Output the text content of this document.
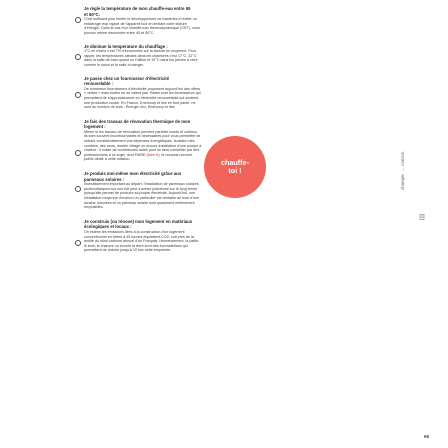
Je règle la température de mon chauffe-eau entre 55 et 60°C.
C'est suffisant pour limiter le développement de bactéries et éviter un entartrage trop rapide de l'appareil tout en limitant votre facture d'énergie. Dans le cas d'un chauffe-eau thermodynamique (CET), vous pouvez même descendre entre 45 et 50°C.
Je diminue la température du chauffage :
1°C en moins c'est 7% d'économies sur la facture en moyenne. Pour rappel, les températures idéales dans les chambres c'est 17°C, 22°C dans la salle de bain quand on l'utilise et 19°C dans les pièces à vivre comme le salon et la salle à manger.
Je passe chez un fournisseur d'électricité renouvelable :
De nombreux fournisseurs d'électricité proposent aujourd'hui des offres « vertes » mais toutes ne se valent pas. Rares sont les fournisseurs qui permettent de s'approvisionner en électricité renouvelable qui soutient une production locale. En France, Enercoop et Ilek en font partie, ne sont au nombre de trois : Énergie d'ici, Enercoop et Ilek.
Je fais des travaux de rénovation thermique de mon logement :
Même si les travaux de rénovation peuvent paraître lourds et coûteux, ils sont souvent incontournables et nécessaires pour vous permettre de réduire considérablement vos dépenses énergétiques. Isolation des combles, des murs, double vitrage ou encore installation d'une pompe à chaleur : il existe de nombreuses aides pour se faire conseiller par des professionnels à ce sujet, dont FAIRE (faire.fr), le nouveau service public dédié à cette mission.
Je produis moi-même mon électricité grâce aux panneaux solaires :
Investissement important au départ, l'installation de panneaux solaires photovoltaïques sur son toit peut s'avérer judicieuse sur le long terme puisqu'elle permet de produire sa propre électricité. Aujourd'hui, une installation moyenne d'environ un particulier est rentable au bout d'une dizaine d'années et un panneau solaire sont quasiment entièrement recyclables.
Je construis (ou rénove) mon logement en matériaux écologiques et locaux :
On estime les émissions liées à la construction d'un logement conventionnel en béton à 45 tonnes équivalent CO2, soit près de la moitié du bilan carbone annuel d'un Français. Heureusement, la paille, le bois, le chanvre ou encore la terre sont des écomatériaux qui permettent de réduire jusqu'à 10 fois cette empreinte.
chauffe-
toi !
changer
→
maison
65
